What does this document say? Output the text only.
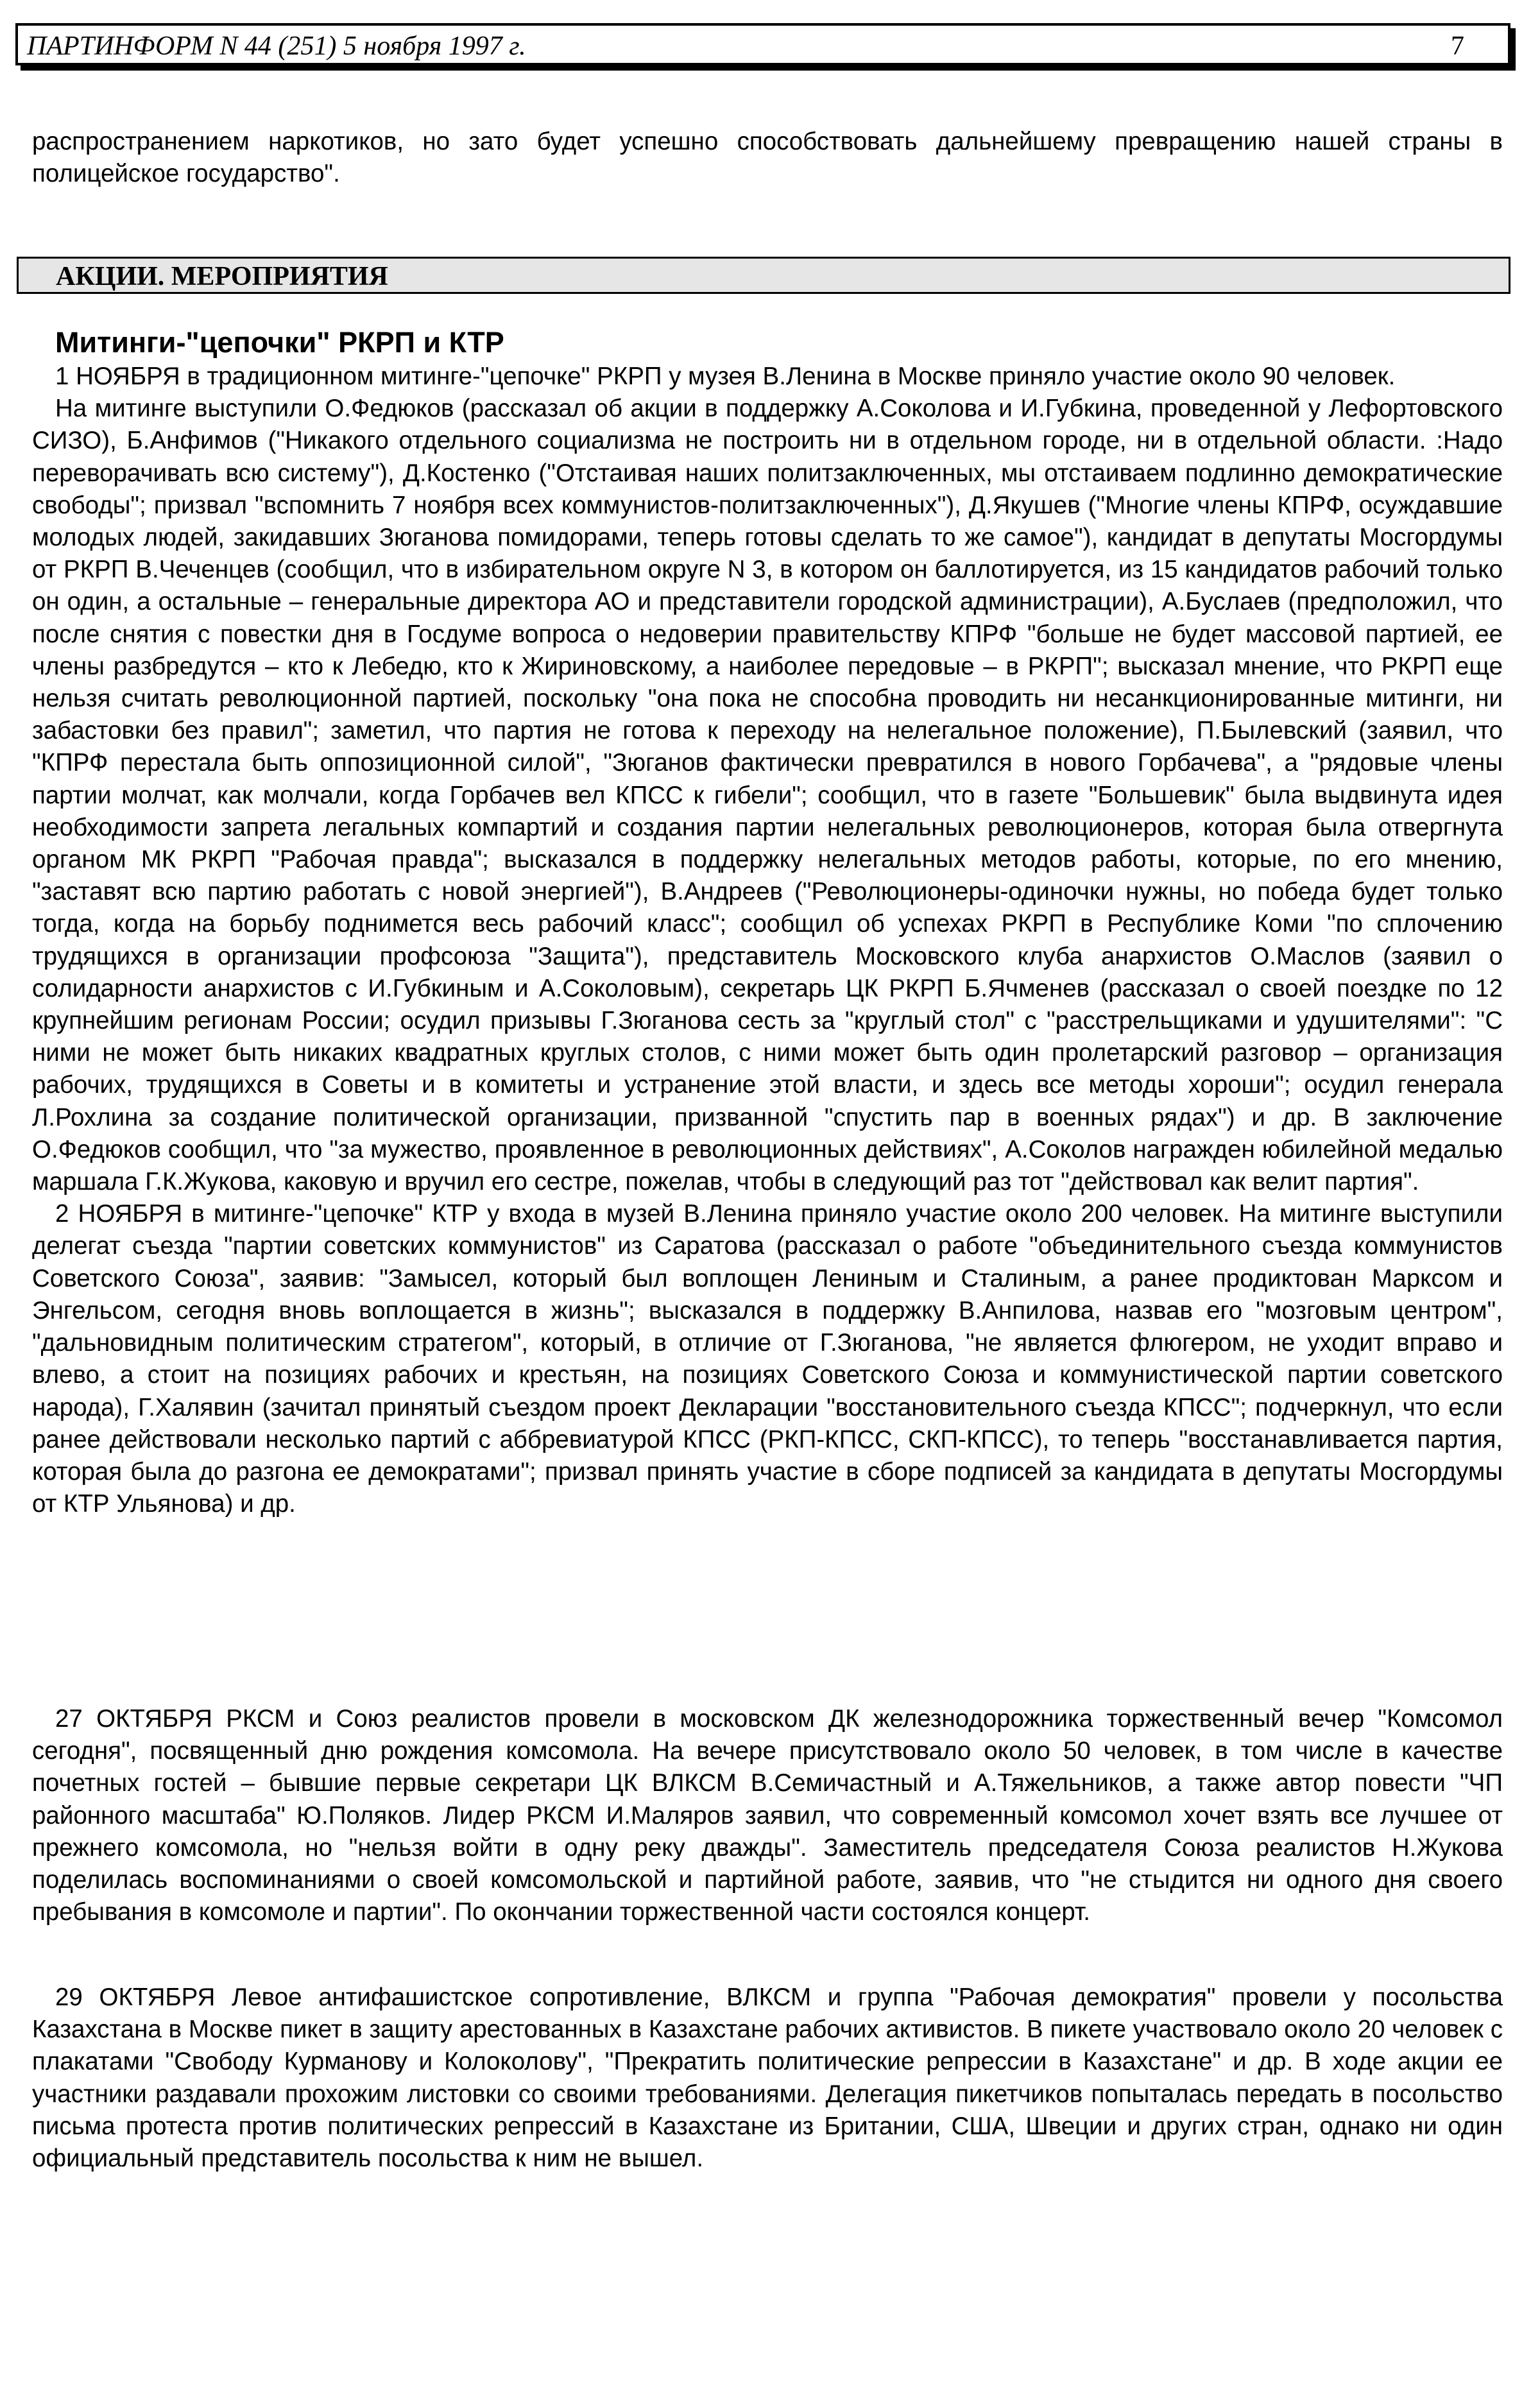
ПАРТИНФОРМ N 44 (251) 5 ноября 1997 г.	7

распространением наркотиков, но зато будет успешно способствовать дальнейшему превращению нашей страны в полицейское государство".

АКЦИИ. МЕРОПРИЯТИЯ
Митинги-"цепочки" РКРП и КТР

1 НОЯБРЯ в традиционном митинге-"цепочке" РКРП у музея В.Ленина в Москве приняло участие около 90 человек.

На митинге выступили О.Федюков (рассказал об акции в поддержку А.Соколова и И.Губкина, проведенной у Лефортовского СИЗО), Б.Анфимов ("Никакого отдельного социализма не построить ни в отдельном городе, ни в отдельной области. :Надо переворачивать всю систему"), Д.Костенко ("Отстаивая наших политзаключенных, мы отстаиваем подлинно демократические свободы"; призвал "вспомнить 7 ноября всех коммунистов-политзаключенных"), Д.Якушев ("Многие члены КПРФ, осуждавшие молодых людей, закидавших Зюганова помидорами, теперь готовы сделать то же самое"), кандидат в депутаты Мосгордумы от РКРП В.Чеченцев (сообщил, что в избирательном округе N 3, в котором он баллотируется, из 15 кандидатов рабочий только он один, а остальные – генеральные директора АО и представители городской администрации), А.Буслаев (предположил, что после снятия с повестки дня в Госдуме вопроса о недоверии правительству КПРФ "больше не будет массовой партией, ее члены разбредутся – кто к Лебедю, кто к Жириновскому, а наиболее передовые – в РКРП"; высказал мнение, что РКРП еще нельзя считать революционной партией, поскольку "она пока не способна проводить ни несанкционированные митинги, ни забастовки без правил"; заметил, что партия не готова к переходу на нелегальное положение), П.Былевский (заявил, что "КПРФ перестала быть оппозиционной силой", "Зюганов фактически превратился в нового Горбачева", а "рядовые члены партии молчат, как молчали, когда Горбачев вел КПСС к гибели"; сообщил, что в газете "Большевик" была выдвинута идея необходимости запрета легальных компартий и создания партии нелегальных революционеров, которая была отвергнута органом МК РКРП "Рабочая правда"; высказался в поддержку нелегальных методов работы, которые, по его мнению, "заставят всю партию работать с новой энергией"), В.Андреев ("Революционеры-одиночки нужны, но победа будет только тогда, когда на борьбу поднимется весь рабочий класс"; сообщил об успехах РКРП в Республике Коми "по сплочению трудящихся в организации профсоюза "Защита"), представитель Московского клуба анархистов О.Маслов (заявил о солидарности анархистов с И.Губкиным и А.Соколовым), секретарь ЦК РКРП Б.Ячменев (рассказал о своей поездке по 12 крупнейшим регионам России; осудил призывы Г.Зюганова сесть за "круглый стол" с "расстрельщиками и удушителями": "С ними не может быть никаких квадратных круглых столов, с ними может быть один пролетарский разговор – организация рабочих, трудящихся в Советы и в комитеты и устранение этой власти, и здесь все методы хороши"; осудил генерала Л.Рохлина за создание политической организации, призванной "спустить пар в военных рядах") и др. В заключение О.Федюков сообщил, что "за мужество, проявленное в революционных действиях", А.Соколов награжден юбилейной медалью маршала Г.К.Жукова, каковую и вручил его сестре, пожелав, чтобы в следующий раз тот "действовал как велит партия".

2 НОЯБРЯ в митинге-"цепочке" КТР у входа в музей В.Ленина приняло участие около 200 человек. На митинге выступили делегат съезда "партии советских коммунистов" из Саратова (рассказал о работе "объединительного съезда коммунистов Советского Союза", заявив: "Замысел, который был воплощен Лениным и Сталиным, а ранее продиктован Марксом и Энгельсом, сегодня вновь воплощается в жизнь"; высказался в поддержку В.Анпилова, назвав его "мозговым центром", "дальновидным политическим стратегом", который, в отличие от Г.Зюганова, "не является флюгером, не уходит вправо и влево, а стоит на позициях рабочих и крестьян, на позициях Советского Союза и коммунистической партии советского народа), Г.Халявин (зачитал принятый съездом проект Декларации "восстановительного съезда КПСС"; подчеркнул, что если ранее действовали несколько партий с аббревиатурой КПСС (РКП-КПСС, СКП-КПСС), то теперь "восстанавливается партия, которая была до разгона ее демократами"; призвал принять участие в сборе подписей за кандидата в депутаты Мосгордумы от КТР Ульянова) и др.

27 ОКТЯБРЯ РКСМ и Союз реалистов провели в московском ДК железнодорожника торжественный вечер "Комсомол сегодня", посвященный дню рождения комсомола. На вечере присутствовало около 50 человек, в том числе в качестве почетных гостей – бывшие первые секретари ЦК ВЛКСМ В.Семичастный и А.Тяжельников, а также автор повести "ЧП районного масштаба" Ю.Поляков. Лидер РКСМ И.Маляров заявил, что современный комсомол хочет взять все лучшее от прежнего комсомола, но "нельзя войти в одну реку дважды". Заместитель председателя Союза реалистов Н.Жукова поделилась воспоминаниями о своей комсомольской и партийной работе, заявив, что "не стыдится ни одного дня своего пребывания в комсомоле и партии". По окончании торжественной части состоялся концерт.

29 ОКТЯБРЯ Левое антифашистское сопротивление, ВЛКСМ и группа "Рабочая демократия" провели у посольства Казахстана в Москве пикет в защиту арестованных в Казахстане рабочих активистов. В пикете участвовало около 20 человек с плакатами "Свободу Курманову и Колоколову", "Прекратить политические репрессии в Казахстане" и др. В ходе акции ее участники раздавали прохожим листовки со своими требованиями. Делегация пикетчиков попыталась передать в посольство письма протеста против политических репрессий в Казахстане из Британии, США, Швеции и других стран, однако ни один официальный представитель посольства к ним не вышел.
